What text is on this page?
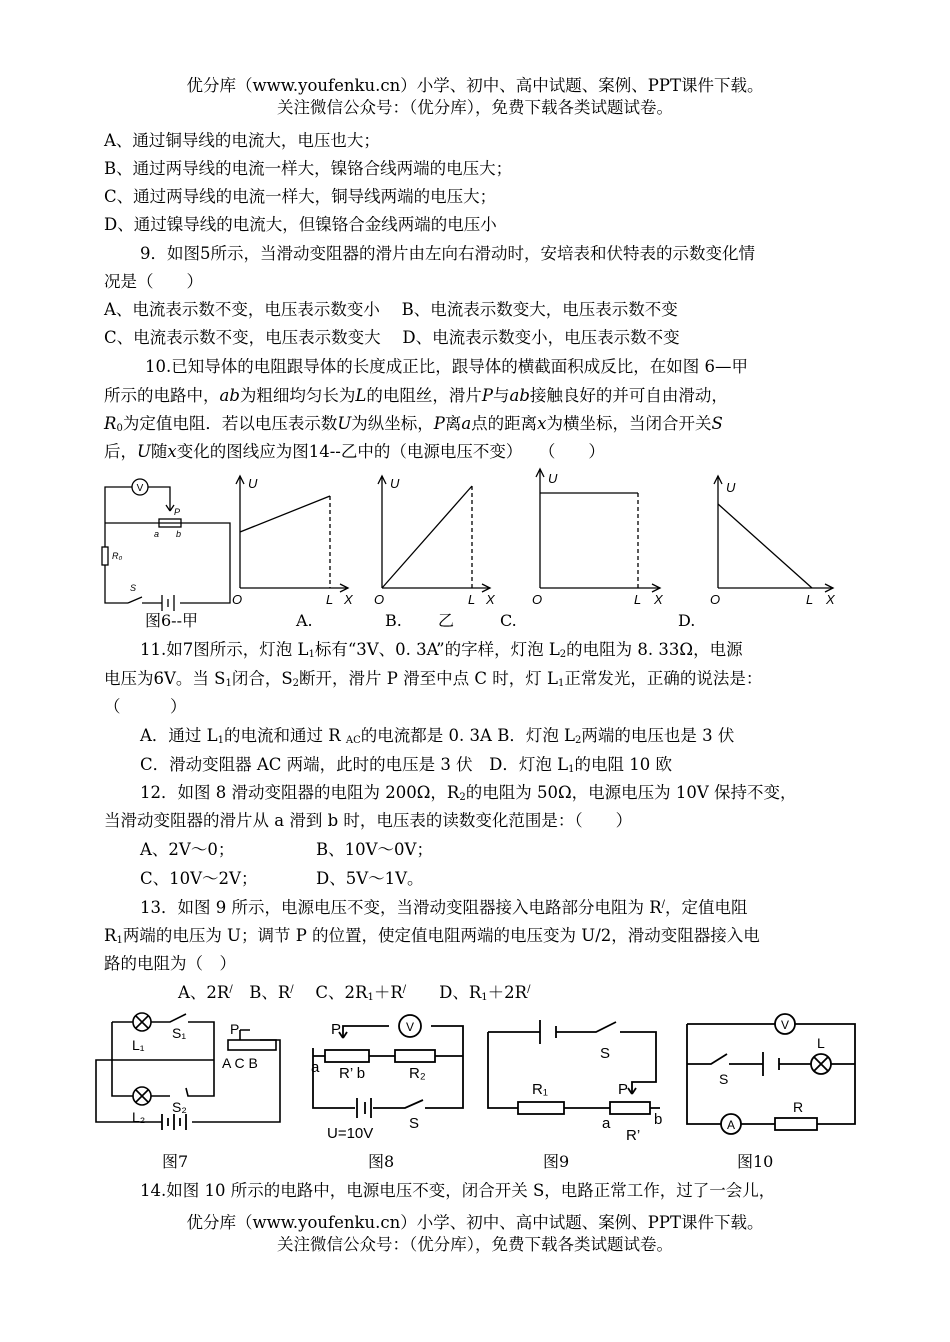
优分库（www.youfenku.cn）小学、初中、高中试题、案例、PPT课件下载。
关注微信公众号：（优分库），免费下载各类试题试卷。
A、通过铜导线的电流大，电压也大；
B、通过两导线的电流一样大，镍铬合线两端的电压大；
C、通过两导线的电流一样大，铜导线两端的电压大；
D、通过镍导线的电流大，但镍铬合金线两端的电压小
9．如图5所示，当滑动变阻器的滑片由左向右滑动时，安培表和伏特表的示数变化情
况是（　　）
A、电流表示数不变，电压表示数变小　 B、电流表示数变大，电压表示数不变
C、电流表示数不变，电压表示数变大　 D、电流表示数变小，电压表示数不变
10.已知导体的电阻跟导体的长度成正比，跟导体的横截面积成反比，在如图 6—甲
所示的电路中，ab为粗细均匀长为L的电阻丝，滑片P与ab接触良好的并可自由滑动，
$R_0$为定值电阻．若以电压表示数U为纵坐标，P离a点的距离x为横坐标，当闭合开关S
后，U随x变化的图线应为图14--乙中的（电源电压不变）　　（　　）
V
P
a b
R₀
S
U
O	L X
U
O	L X
U
O	L X
U
O	L X
图6--甲	A.	B. 乙	C.	D.
11.如7图所示，灯泡 $L_1$标有“3V、0. 3A”的字样，灯泡 $L_2$的电阻为 8. 33Ω，电源
电压为6V。当 $S_1$闭合，$S_2$断开，滑片 P 滑至中点 C 时，灯 $L_1$正常发光，正确的说法是：
（　　　）
A．通过 $L_1$的电流和通过 R $_{AC}$的电流都是 0. 3A B．灯泡 $L_2$两端的电压也是 3 伏
C．滑动变阻器 AC 两端，此时的电压是 3 伏　D．灯泡 $L_1$的电阻 10 欧
12．如图 8 滑动变阻器的电阻为 200Ω，$R_2$的电阻为 50Ω，电源电压为 10V 保持不变，
当滑动变阻器的滑片从 a 滑到 b 时，电压表的读数变化范围是：（　　）
A、2V～0；	B、10V～0V；
C、10V～2V；	D、5V～1V。
13．如图 9 所示，电源电压不变，当滑动变阻器接入电路部分电阻为 R/，定值电阻
$R_1$两端的电压为 U；调节 P 的位置，使定值电阻两端的电压变为 U/2，滑动变阻器接入电
路的电阻为（　）
A、2R/　B、R/　 C、$2R_1+R^/$　　D、$R_1+2R^/$
L₁
L₂
S₁
S₂
P
A C B
图7
P	V
a R’ b	R₂
U=10V
S
图8
S
R₁	P
a	b
R’
图9
V
L
S
A
R
图10
14.如图 10 所示的电路中，电源电压不变，闭合开关 S，电路正常工作，过了一会儿，
优分库（www.youfenku.cn）小学、初中、高中试题、案例、PPT课件下载。
关注微信公众号：（优分库），免费下载各类试题试卷。
